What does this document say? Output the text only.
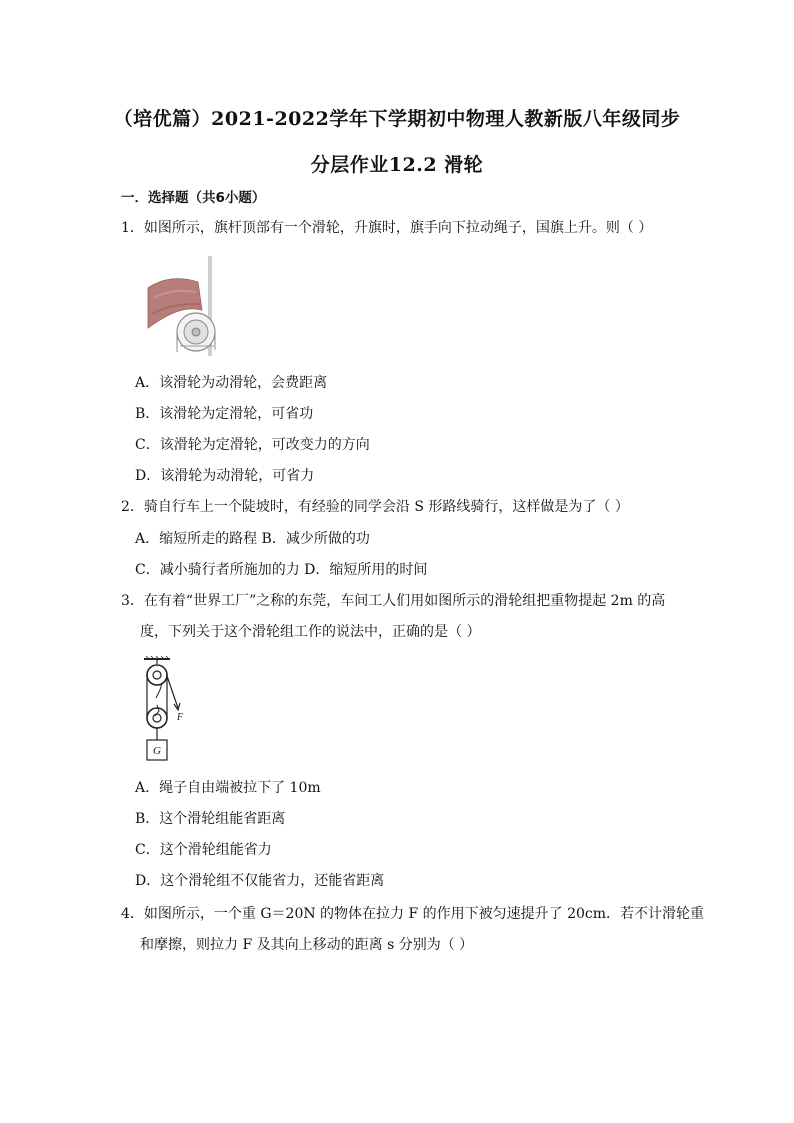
（培优篇）2021-2022学年下学期初中物理人教新版八年级同步
分层作业12.2 滑轮
一．选择题（共6小题）
1．如图所示，旗杆顶部有一个滑轮，升旗时，旗手向下拉动绳子，国旗上升。则（ ）
A．该滑轮为动滑轮，会费距离
B．该滑轮为定滑轮，可省功
C．该滑轮为定滑轮，可改变力的方向
D．该滑轮为动滑轮，可省力
2．骑自行车上一个陡坡时，有经验的同学会沿 S 形路线骑行，这样做是为了（ ）
A．缩短所走的路程 B．减少所做的功
C．减小骑行者所施加的力 D．缩短所用的时间
3．在有着“世界工厂”之称的东莞，车间工人们用如图所示的滑轮组把重物提起 2m 的高
度，下列关于这个滑轮组工作的说法中，正确的是（ ）
F
G
A．绳子自由端被拉下了 10m
B．这个滑轮组能省距离
C．这个滑轮组能省力
D．这个滑轮组不仅能省力，还能省距离
4．如图所示，一个重 G＝20N 的物体在拉力 F 的作用下被匀速提升了 20cm．若不计滑轮重
和摩擦，则拉力 F 及其向上移动的距离 s 分别为（ ）
